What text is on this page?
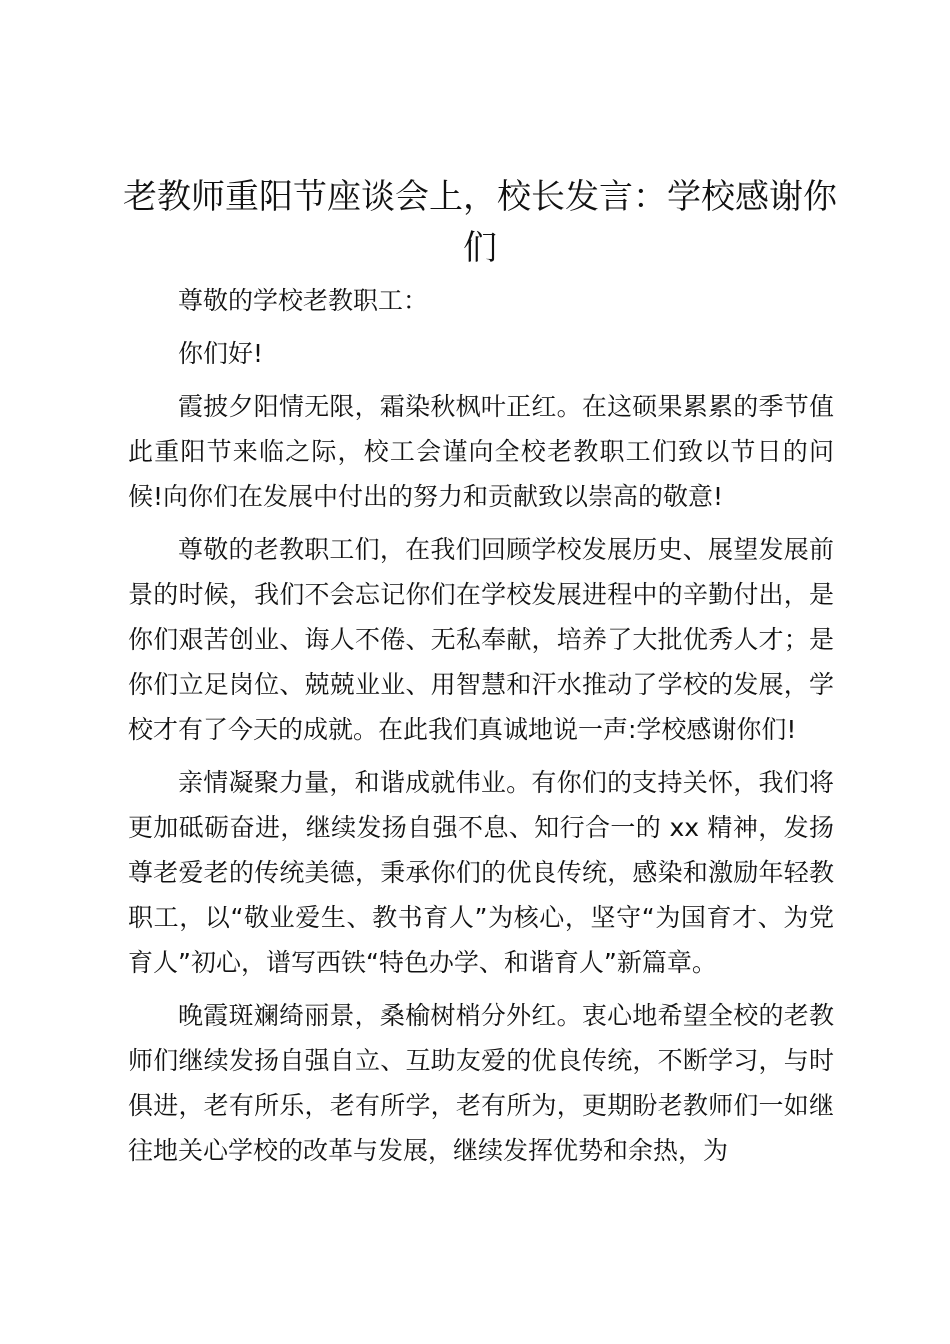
老教师重阳节座谈会上，校长发言：学校感谢你们

尊敬的学校老教职工：

你们好!

霞披夕阳情无限，霜染秋枫叶正红。在这硕果累累的季节值此重阳节来临之际，校工会谨向全校老教职工们致以节日的问候!向你们在发展中付出的努力和贡献致以崇高的敬意!

尊敬的老教职工们，在我们回顾学校发展历史、展望发展前景的时候，我们不会忘记你们在学校发展进程中的辛勤付出，是你们艰苦创业、诲人不倦、无私奉献，培养了大批优秀人才；是你们立足岗位、兢兢业业、用智慧和汗水推动了学校的发展，学校才有了今天的成就。在此我们真诚地说一声:学校感谢你们!

亲情凝聚力量，和谐成就伟业。有你们的支持关怀，我们将更加砥砺奋进，继续发扬自强不息、知行合一的 xx 精神，发扬尊老爱老的传统美德，秉承你们的优良传统，感染和激励年轻教职工，以“敬业爱生、教书育人”为核心，坚守“为国育才、为党育人”初心，谱写西铁“特色办学、和谐育人”新篇章。

晚霞斑斓绮丽景，桑榆树梢分外红。衷心地希望全校的老教师们继续发扬自强自立、互助友爱的优良传统，不断学习，与时俱进，老有所乐，老有所学，老有所为，更期盼老教师们一如继往地关心学校的改革与发展，继续发挥优势和余热，为
